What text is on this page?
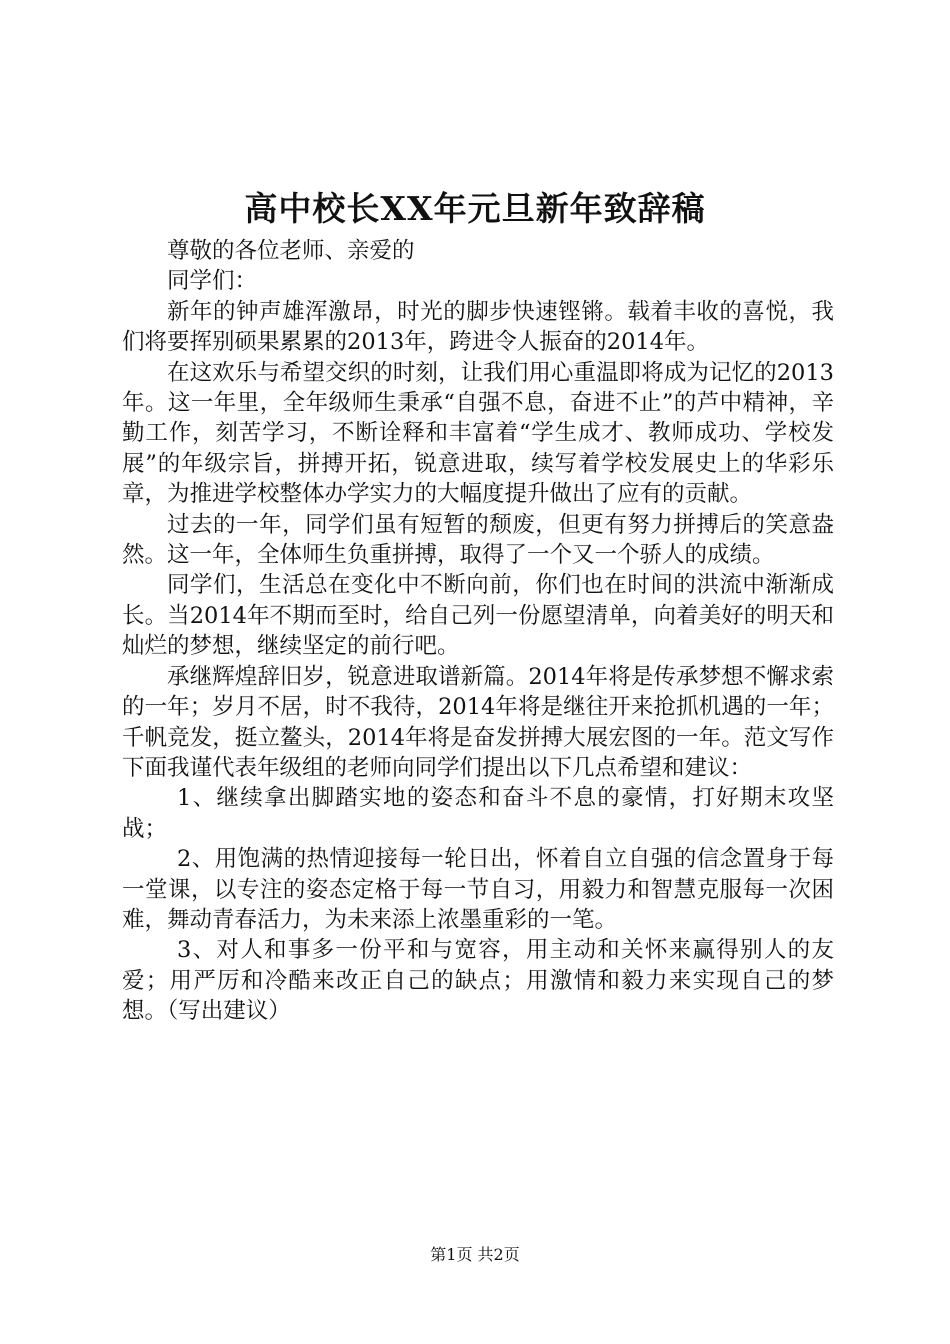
高中校长XX年元旦新年致辞稿

尊敬的各位老师、亲爱的

同学们：

新年的钟声雄浑激昂，时光的脚步快速铿锵。载着丰收的喜悦，我们将要挥别硕果累累的2013年，跨进令人振奋的2014年。

在这欢乐与希望交织的时刻，让我们用心重温即将成为记忆的2013年。这一年里，全年级师生秉承“自强不息，奋进不止”的芦中精神，辛勤工作，刻苦学习，不断诠释和丰富着“学生成才、教师成功、学校发展”的年级宗旨，拼搏开拓，锐意进取，续写着学校发展史上的华彩乐章，为推进学校整体办学实力的大幅度提升做出了应有的贡献。

过去的一年，同学们虽有短暂的颓废，但更有努力拼搏后的笑意盎然。这一年，全体师生负重拼搏，取得了一个又一个骄人的成绩。

同学们，生活总在变化中不断向前，你们也在时间的洪流中渐渐成长。当2014年不期而至时，给自己列一份愿望清单，向着美好的明天和灿烂的梦想，继续坚定的前行吧。

承继辉煌辞旧岁，锐意进取谱新篇。2014年将是传承梦想不懈求索的一年；岁月不居，时不我待，2014年将是继往开来抢抓机遇的一年；千帆竞发，挺立鳌头，2014年将是奋发拼搏大展宏图的一年。范文写作下面我谨代表年级组的老师向同学们提出以下几点希望和建议：

1、继续拿出脚踏实地的姿态和奋斗不息的豪情，打好期末攻坚战；

2、用饱满的热情迎接每一轮日出，怀着自立自强的信念置身于每一堂课，以专注的姿态定格于每一节自习，用毅力和智慧克服每一次困难，舞动青春活力，为未来添上浓墨重彩的一笔。

3、对人和事多一份平和与宽容，用主动和关怀来赢得别人的友爱；用严厉和冷酷来改正自己的缺点；用激情和毅力来实现自己的梦想。（写出建议）

第1页 共2页
